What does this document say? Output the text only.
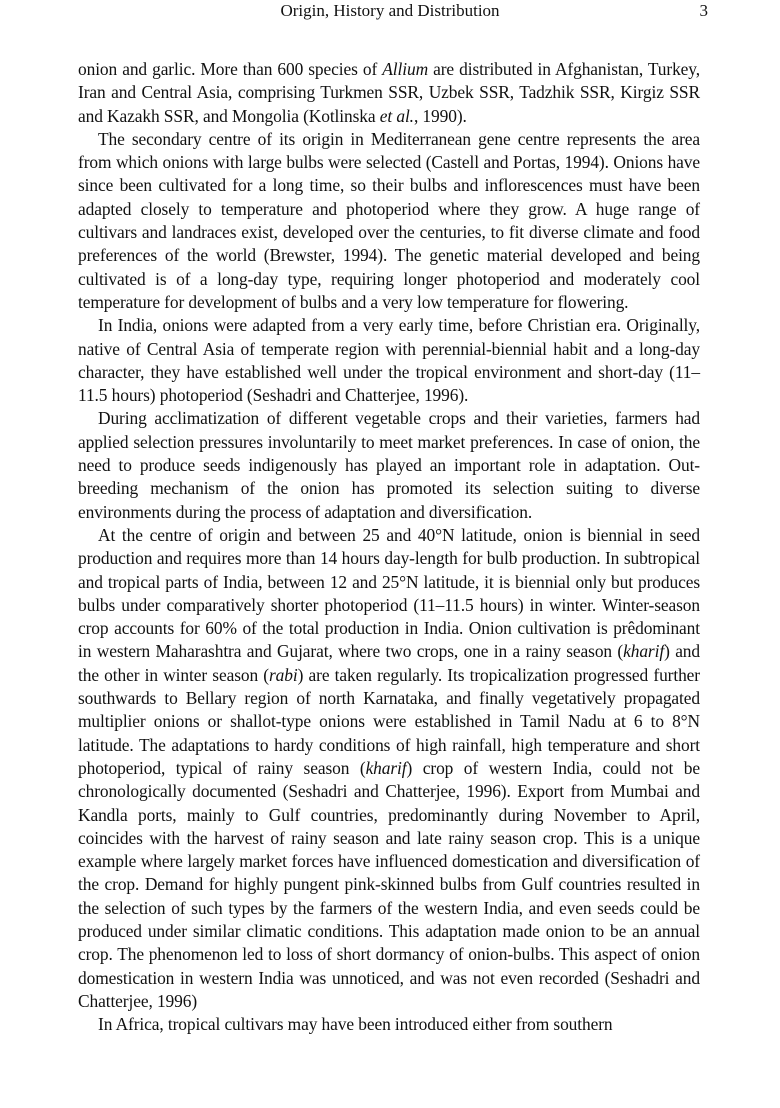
Origin, History and Distribution	3

onion and garlic. More than 600 species of Allium are distributed in Afghanistan, Turkey, Iran and Central Asia, comprising Turkmen SSR, Uzbek SSR, Tadzhik SSR, Kirgiz SSR and Kazakh SSR, and Mongolia (Kotlinska et al., 1990).

The secondary centre of its origin in Mediterranean gene centre represents the area from which onions with large bulbs were selected (Castell and Portas, 1994). Onions have since been cultivated for a long time, so their bulbs and inflorescences must have been adapted closely to temperature and photoperiod where they grow. A huge range of cultivars and landraces exist, developed over the centuries, to fit diverse climate and food preferences of the world (Brewster, 1994). The genetic material developed and being cultivated is of a long-day type, requiring longer photoperiod and moderately cool temperature for development of bulbs and a very low temperature for flowering.

In India, onions were adapted from a very early time, before Christian era. Originally, native of Central Asia of temperate region with perennial-biennial habit and a long-day character, they have established well under the tropical environment and short-day (11–11.5 hours) photoperiod (Seshadri and Chatterjee, 1996).

During acclimatization of different vegetable crops and their varieties, farmers had applied selection pressures involuntarily to meet market preferences. In case of onion, the need to produce seeds indigenously has played an important role in adaptation. Out-breeding mechanism of the onion has promoted its selection suiting to diverse environments during the process of adaptation and diversification.

At the centre of origin and between 25 and 40°N latitude, onion is biennial in seed production and requires more than 14 hours day-length for bulb production. In subtropical and tropical parts of India, between 12 and 25°N latitude, it is biennial only but produces bulbs under comparatively shorter photoperiod (11–11.5 hours) in winter. Winter-season crop accounts for 60% of the total production in India. Onion cultivation is prêdominant in western Maharashtra and Gujarat, where two crops, one in a rainy season (kharif) and the other in winter season (rabi) are taken regularly. Its tropicalization progressed further southwards to Bellary region of north Karnataka, and finally vegetatively propagated multiplier onions or shallot-type onions were established in Tamil Nadu at 6 to 8°N latitude. The adaptations to hardy conditions of high rainfall, high temperature and short photoperiod, typical of rainy season (kharif) crop of western India, could not be chronologically documented (Seshadri and Chatterjee, 1996). Export from Mumbai and Kandla ports, mainly to Gulf countries, predominantly during November to April, coincides with the harvest of rainy season and late rainy season crop. This is a unique example where largely market forces have influenced domestication and diversification of the crop. Demand for highly pungent pink-skinned bulbs from Gulf countries resulted in the selection of such types by the farmers of the western India, and even seeds could be produced under similar climatic conditions. This adaptation made onion to be an annual crop. The phenomenon led to loss of short dormancy of onion-bulbs. This aspect of onion domestication in western India was unnoticed, and was not even recorded (Seshadri and Chatterjee, 1996)

In Africa, tropical cultivars may have been introduced either from southern
